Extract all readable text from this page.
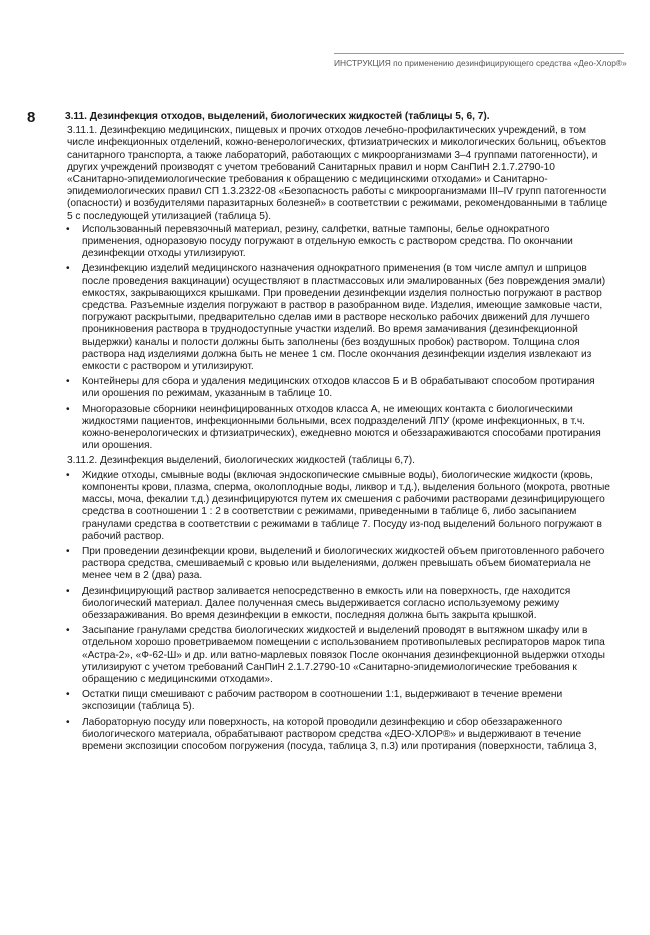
ИНСТРУКЦИЯ по применению дезинфицирующего средства «Део-Хлор®»
8	3.11. Дезинфекция отходов, выделений, биологических жидкостей (таблицы 5, 6, 7).
3.11.1. Дезинфекцию медицинских, пищевых и прочих отходов лечебно-профилактических учреждений, в том числе инфекционных отделений, кожно-венерологических, фтизиатрических и микологических больниц, объектов санитарного транспорта, а также лабораторий, работающих с микроорганизмами 3–4 группами патогенности), и других учреждений производят с учетом требований Санитарных правил и норм СанПиН 2.1.7.2790-10 «Санитарно-эпидемиологические требования к обращению с медицинскими отходами» и Санитарно-эпидемиологических правил СП 1.3.2322-08 «Безопасность работы с микроорганизмами III–IV групп патогенности (опасности) и возбудителями паразитарных болезней» в соответствии с режимами, рекомендованными в таблице 5 с последующей утилизацией (таблица 5).
•	Использованный перевязочный материал, резину, салфетки, ватные тампоны, белье однократного применения, одноразовую посуду погружают в отдельную емкость с раствором средства. По окончании дезинфекции отходы утилизируют.
•	Дезинфекцию изделий медицинского назначения однократного применения (в том числе ампул и шприцов после проведения вакцинации) осуществляют в пластмассовых или эмалированных (без повреждения эмали) емкостях, закрывающихся крышками. При проведении дезинфекции изделия полностью погружают в раствор средства. Разъемные изделия погружают в раствор в разобранном виде. Изделия, имеющие замковые части, погружают раскрытыми, предварительно сделав ими в растворе несколько рабочих движений для лучшего проникновения раствора в труднодоступные участки изделий. Во время замачивания (дезинфекционной выдержки) каналы и полости должны быть заполнены (без воздушных пробок) раствором. Толщина слоя раствора над изделиями должна быть не менее 1 см. После окончания дезинфекции изделия извлекают из емкости с раствором и утилизируют.
•	Контейнеры для сбора и удаления медицинских отходов классов Б и В обрабатывают способом протирания или орошения по режимам, указанным в таблице 10.
•	Многоразовые сборники неинфицированных отходов класса А, не имеющих контакта с биологическими жидкостями пациентов, инфекционными больными, всех подразделений ЛПУ (кроме инфекционных, в т.ч. кожно-венерологических и фтизиатрических), ежедневно моются и обеззараживаются способами протирания или орошения.
3.11.2. Дезинфекция выделений, биологических жидкостей (таблицы 6,7).
•	Жидкие отходы, смывные воды (включая эндоскопические смывные воды), биологические жидкости (кровь, компоненты крови, плазма, сперма, околоплодные воды, ликвор и т.д.), выделения больного (мокрота, рвотные массы, моча, фекалии т.д.) дезинфицируются путем их смешения с рабочими растворами дезинфицирующего средства в соотношении 1 : 2 в соответствии с режимами, приведенными в таблице 6, либо засыпанием гранулами средства в соответствии с режимами в таблице 7. Посуду из-под выделений больного погружают в рабочий раствор.
•	При проведении дезинфекции крови, выделений и биологических жидкостей объем приготовленного рабочего раствора средства, смешиваемый с кровью или выделениями, должен превышать объем биоматериала не менее чем в 2 (два) раза.
•	Дезинфицирующий раствор заливается непосредственно в емкость или на поверхность, где находится биологический материал. Далее полученная смесь выдерживается согласно используемому режиму обеззараживания. Во время дезинфекции в емкости, последняя должна быть закрыта крышкой.
•	Засыпание гранулами средства биологических жидкостей и выделений проводят в вытяжном шкафу или в отдельном хорошо проветриваемом помещении с использованием противопылевых респираторов марок типа «Астра-2», «Ф-62-Ш» и др. или ватно-марлевых повязок После окончания дезинфекционной выдержки отходы утилизируют с учетом требований СанПиН 2.1.7.2790-10 «Санитарно-эпидемиологические требования к обращению с медицинскими отходами».
•	Остатки пищи смешивают с рабочим раствором в соотношении 1:1, выдерживают в течение времени экспозиции (таблица 5).
•	Лабораторную посуду или поверхность, на которой проводили дезинфекцию и сбор обеззараженного биологического материала, обрабатывают раствором средства «ДЕО-ХЛОР®» и выдерживают в течение времени экспозиции способом погружения (посуда, таблица 3, п.3) или протирания (поверхности, таблица 3,
